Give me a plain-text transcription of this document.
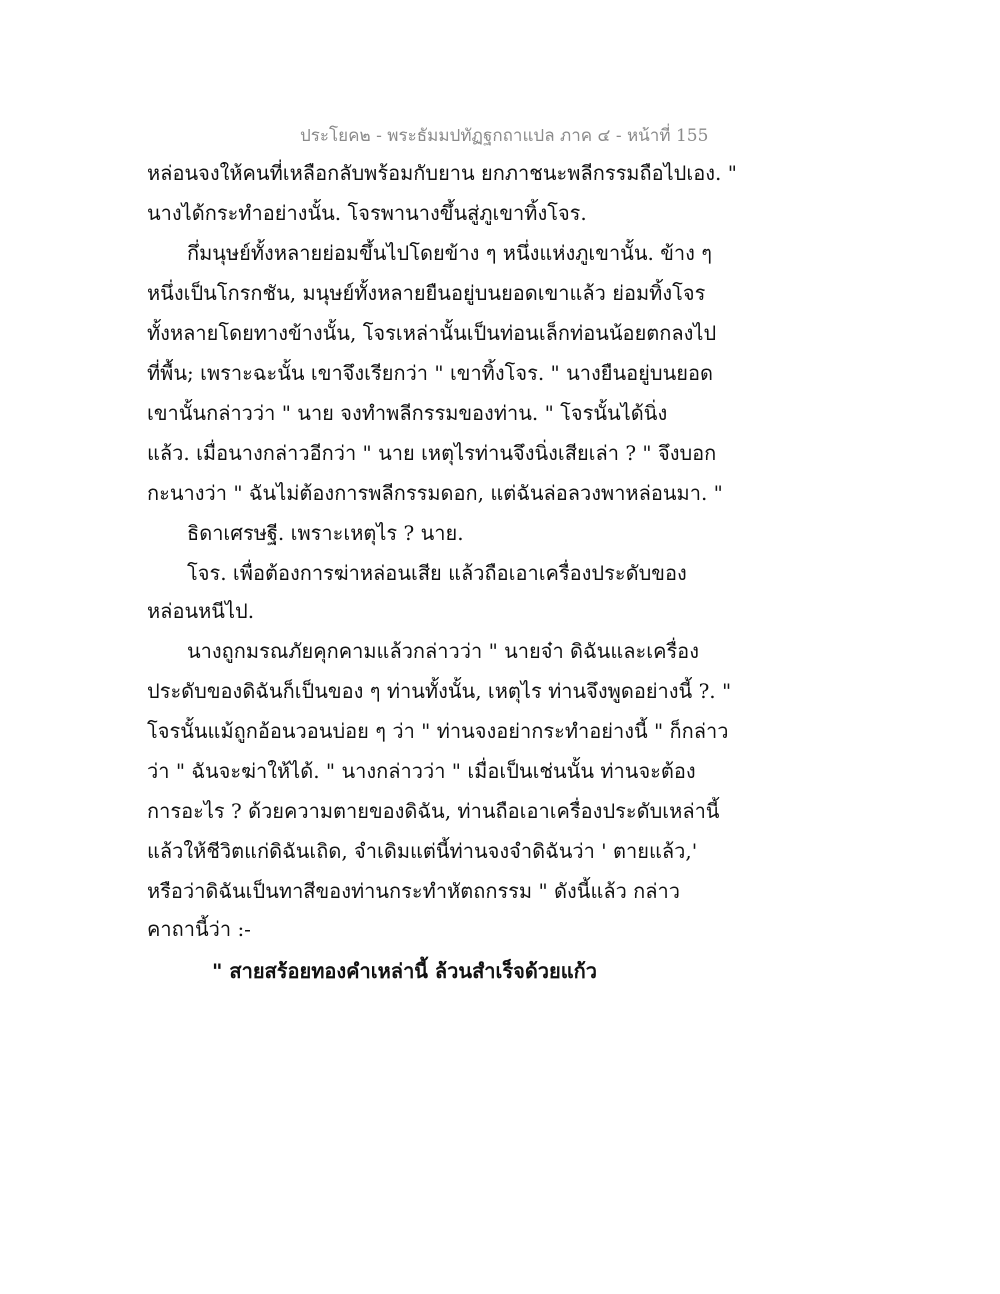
ประโยค๒ - พระธัมมปทัฏฐกถาแปล ภาค ๔ - หน้าที่ 155
หล่อนจงให้คนที่เหลือกลับพร้อมกับยาน ยกภาชนะพลีกรรมถือไปเอง. "
นางได้กระทำอย่างนั้น. โจรพานางขึ้นสู่ภูเขาทิ้งโจร.
กึ่มนุษย์ทั้งหลายย่อมขึ้นไปโดยข้าง ๆ หนึ่งแห่งภูเขานั้น. ข้าง ๆ
หนึ่งเป็นโกรกชัน, มนุษย์ทั้งหลายยืนอยู่บนยอดเขาแล้ว ย่อมทิ้งโจร
ทั้งหลายโดยทางข้างนั้น, โจรเหล่านั้นเป็นท่อนเล็กท่อนน้อยตกลงไป
ที่พื้น; เพราะฉะนั้น เขาจึงเรียกว่า " เขาทิ้งโจร. " นางยืนอยู่บนยอด
เขานั้นกล่าวว่า " นาย จงทำพลีกรรมของท่าน. " โจรนั้นได้นิ่ง
แล้ว. เมื่อนางกล่าวอีกว่า " นาย เหตุไรท่านจึงนิ่งเสียเล่า ? " จึงบอก
กะนางว่า " ฉันไม่ต้องการพลีกรรมดอก, แต่ฉันล่อลวงพาหล่อนมา. "
ธิดาเศรษฐี. เพราะเหตุไร ? นาย.
โจร. เพื่อต้องการฆ่าหล่อนเสีย แล้วถือเอาเครื่องประดับของ
หล่อนหนีไป.
นางถูกมรณภัยคุกคามแล้วกล่าวว่า " นายจ๋า ดิฉันและเครื่อง
ประดับของดิฉันก็เป็นของ ๆ ท่านทั้งนั้น, เหตุไร ท่านจึงพูดอย่างนี้ ?. "
โจรนั้นแม้ถูกอ้อนวอนบ่อย ๆ ว่า " ท่านจงอย่ากระทำอย่างนี้ " ก็กล่าว
ว่า " ฉันจะฆ่าให้ได้. " นางกล่าวว่า " เมื่อเป็นเช่นนั้น ท่านจะต้อง
การอะไร ? ด้วยความตายของดิฉัน, ท่านถือเอาเครื่องประดับเหล่านี้
แล้วให้ชีวิตแก่ดิฉันเถิด, จำเดิมแต่นี้ท่านจงจำดิฉันว่า ' ตายแล้ว,'
หรือว่าดิฉันเป็นทาสีของท่านกระทำหัตถกรรม " ดังนี้แล้ว กล่าว
คาถานี้ว่า :-
" สายสร้อยทองคำเหล่านี้ ล้วนสำเร็จด้วยแก้ว
